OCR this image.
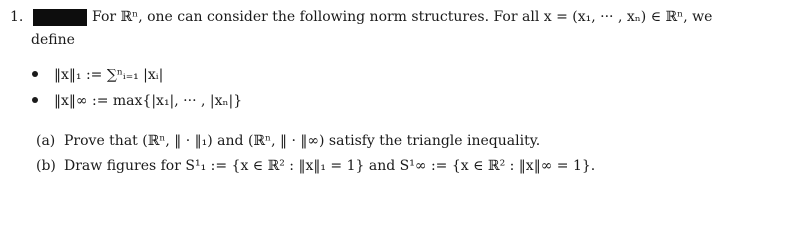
1.	For ℝⁿ, one can consider the following norm structures. For all x = (x₁, ··· , xₙ) ∈ ℝⁿ, we
define
‖x‖₁ := ∑ⁿᵢ₌₁ |xᵢ|
‖x‖∞ := max{|x₁|, ··· , |xₙ|}
(a) Prove that (ℝⁿ, ‖ · ‖₁) and (ℝⁿ, ‖ · ‖∞) satisfy the triangle inequality.
(b) Draw figures for S¹₁ := {x ∈ ℝ² : ‖x‖₁ = 1} and S¹∞ := {x ∈ ℝ² : ‖x‖∞ = 1}.
